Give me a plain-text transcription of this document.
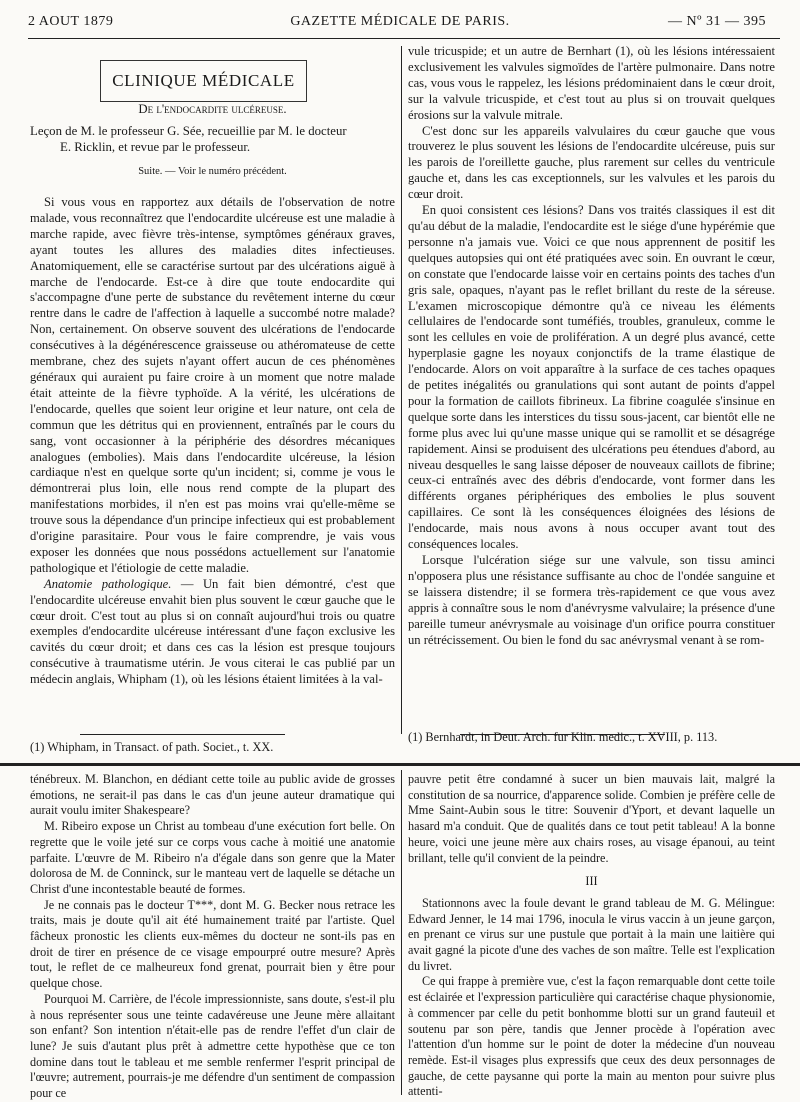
2 AOUT 1879	GAZETTE MÉDICALE DE PARIS.	— Nº 31 — 395
CLINIQUE MÉDICALE
De l'endocardite ulcéreuse.
Leçon de M. le professeur G. Sée, recueillie par M. le docteur
E. Ricklin, et revue par le professeur.
Suite. — Voir le numéro précédent.

Si vous vous en rapportez aux détails de l'observation de notre malade, vous reconnaîtrez que l'endocardite ulcéreuse est une maladie à marche rapide, avec fièvre très-intense, symptômes généraux graves, ayant toutes les allures des maladies dites infectieuses. Anatomiquement, elle se caractérise surtout par des ulcérations aiguë à marche de l'endocarde. Est-ce à dire que toute endocardite qui s'accompagne d'une perte de substance du revêtement interne du cœur rentre dans le cadre de l'affection à laquelle a succombé notre malade? Non, certainement. On observe souvent des ulcérations de l'endocarde consécutives à la dégénérescence graisseuse ou athéromateuse de cette membrane, chez des sujets n'ayant offert aucun de ces phénomènes généraux qui auraient pu faire croire à un moment que notre malade était atteinte de la fièvre typhoïde. A la vérité, les ulcérations de l'endocarde, quelles que soient leur origine et leur nature, ont cela de commun que les détritus qui en proviennent, entraînés par le cours du sang, vont occasionner à la périphérie des désordres mécaniques analogues (embolies). Mais dans l'endocardite ulcéreuse, la lésion cardiaque n'est en quelque sorte qu'un incident; si, comme je vous le démontrerai plus loin, elle nous rend compte de la plupart des manifestations morbides, il n'en est pas moins vrai qu'elle-même se trouve sous la dépendance d'un principe infectieux qui est probablement d'origine parasitaire. Pour vous le faire comprendre, je vais vous exposer les données que nous possédons actuellement sur l'anatomie pathologique et l'étiologie de cette maladie.

Anatomie pathologique. — Un fait bien démontré, c'est que l'endocardite ulcéreuse envahit bien plus souvent le cœur gauche que le cœur droit. C'est tout au plus si on connaît aujourd'hui trois ou quatre exemples d'endocardite ulcéreuse intéressant d'une façon exclusive les cavités du cœur droit; et dans ces cas la lésion est presque toujours consécutive à traumatisme utérin. Je vous citerai le cas publié par un médecin anglais, Whipham (1), où les lésions étaient limitées à la val-

vule tricuspide; et un autre de Bernhart (1), où les lésions intéressaient exclusivement les valvules sigmoïdes de l'artère pulmonaire. Dans notre cas, vous vous le rappelez, les lésions prédominaient dans le cœur droit, sur la valvule tricuspide, et c'est tout au plus si on trouvait quelques érosions sur la valvule mitrale.

C'est donc sur les appareils valvulaires du cœur gauche que vous trouverez le plus souvent les lésions de l'endocardite ulcéreuse, puis sur les parois de l'oreillette gauche, plus rarement sur celles du ventricule gauche et, dans les cas exceptionnels, sur les valvules et les parois du cœur droit.

En quoi consistent ces lésions? Dans vos traités classiques il est dit qu'au début de la maladie, l'endocardite est le siége d'une hypérémie que personne n'a jamais vue. Voici ce que nous apprennent de positif les quelques autopsies qui ont été pratiquées avec soin. En ouvrant le cœur, on constate que l'endocarde laisse voir en certains points des taches d'un gris sale, opaques, n'ayant pas le reflet brillant du reste de la séreuse. L'examen microscopique démontre qu'à ce niveau les éléments cellulaires de l'endocarde sont tuméfiés, troubles, granuleux, comme le sont les cellules en voie de prolifération. A un degré plus avancé, cette hyperplasie gagne les noyaux conjonctifs de la trame élastique de l'endocarde. Alors on voit apparaître à la surface de ces taches opaques de petites inégalités ou granulations qui sont autant de points d'appel pour la formation de caillots fibrineux. La fibrine coagulée s'insinue en quelque sorte dans les interstices du tissu sous-jacent, car bientôt elle ne forme plus avec lui qu'une masse unique qui se ramollit et se désagrége rapidement. Ainsi se produisent des ulcérations peu étendues d'abord, au niveau desquelles le sang laisse déposer de nouveaux caillots de fibrine; ceux-ci entraînés avec des débris d'endocarde, vont former dans les différents organes périphériques des embolies le plus souvent capillaires. Ce sont là les conséquences éloignées des lésions de l'endocarde, mais nous avons à nous occuper avant tout des conséquences locales.

Lorsque l'ulcération siége sur une valvule, son tissu aminci n'opposera plus une résistance suffisante au choc de l'ondée sanguine et se laissera distendre; il se formera très-rapidement ce que vous avez appris à connaître sous le nom d'anévrysme valvulaire; la présence d'une pareille tumeur anévrysmale au voisinage d'un orifice pourra constituer un rétrécissement. Ou bien le fond du sac anévrysmal venant à se rom-

(1) Whipham, in Transact. of path. Societ., t. XX.
(1) Bernhardt, in Deut. Arch. fur Klin. medic., t. XVIII, p. 113.

ténébreux. M. Blanchon, en dédiant cette toile au public avide de grosses émotions, ne serait-il pas dans le cas d'un jeune auteur dramatique qui aurait voulu imiter Shakespeare?

M. Ribeiro expose un Christ au tombeau d'une exécution fort belle. On regrette que le voile jeté sur ce corps vous cache à moitié une anatomie parfaite. L'œuvre de M. Ribeiro n'a d'égale dans son genre que la Mater dolorosa de M. de Conninck, sur le manteau vert de laquelle se détache un Christ d'une incontestable beauté de formes.

Je ne connais pas le docteur T***, dont M. G. Becker nous retrace les traits, mais je doute qu'il ait été humainement traité par l'artiste. Quel fâcheux pronostic les clients eux-mêmes du docteur ne sont-ils pas en droit de tirer en présence de ce visage empourpré outre mesure? Après tout, le reflet de ce malheureux fond grenat, pourrait bien y être pour quelque chose.

Pourquoi M. Carrière, de l'école impressionniste, sans doute, s'est-il plu à nous représenter sous une teinte cadavéreuse une Jeune mère allaitant son enfant? Son intention n'était-elle pas de rendre l'effet d'un clair de lune? Je suis d'autant plus prêt à admettre cette hypothèse que ce ton domine dans tout le tableau et me semble renfermer l'esprit principal de l'œuvre; autrement, pourrais-je me défendre d'un sentiment de compassion pour ce

pauvre petit être condamné à sucer un bien mauvais lait, malgré la constitution de sa nourrice, d'apparence solide. Combien je préfère celle de Mme Saint-Aubin sous le titre: Souvenir d'Yport, et devant laquelle un hasard m'a conduit. Que de qualités dans ce tout petit tableau! A la bonne heure, voici une jeune mère aux chairs roses, au visage épanoui, au teint brillant, telle qu'il convient de la peindre.

III

Stationnons avec la foule devant le grand tableau de M. G. Mélingue: Edward Jenner, le 14 mai 1796, inocula le virus vaccin à un jeune garçon, en prenant ce virus sur une pustule que portait à la main une laitière qui avait gagné la picote d'une des vaches de son maître. Telle est l'explication du livret.

Ce qui frappe à première vue, c'est la façon remarquable dont cette toile est éclairée et l'expression particulière qui caractérise chaque physionomie, à commencer par celle du petit bonhomme blotti sur un grand fauteuil et soutenu par son père, tandis que Jenner procède à l'opération avec l'attention d'un homme sur le point de doter la médecine d'un nouveau remède. Est-il visages plus expressifs que ceux des deux personnages de gauche, de cette paysanne qui porte la main au menton pour suivre plus attenti-
